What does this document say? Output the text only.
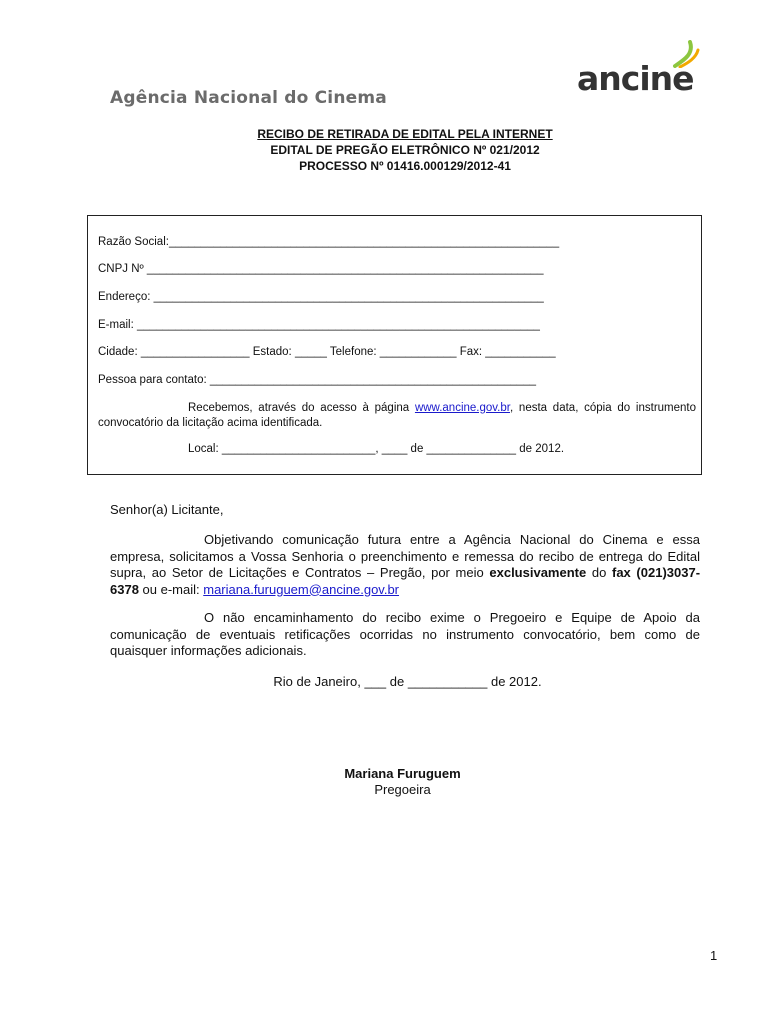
Agência Nacional do Cinema	ancine
RECIBO DE RETIRADA DE EDITAL PELA INTERNET
EDITAL DE PREGÃO ELETRÔNICO Nº 021/2012
PROCESSO Nº 01416.000129/2012-41
Razão Social:_____________________________________________________________
CNPJ Nº ______________________________________________________________
Endereço: _____________________________________________________________
E-mail: _______________________________________________________________
Cidade: _________________ Estado: _____ Telefone: ____________ Fax: ___________
Pessoa para contato: ___________________________________________________
Recebemos, através do acesso à página www.ancine.gov.br, nesta data, cópia do instrumento convocatório da licitação acima identificada.
Local: ________________________, ____ de ______________ de 2012.
Senhor(a) Licitante,
Objetivando comunicação futura entre a Agência Nacional do Cinema e essa empresa, solicitamos a Vossa Senhoria o preenchimento e remessa do recibo de entrega do Edital supra, ao Setor de Licitações e Contratos – Pregão, por meio exclusivamente do fax (021)3037-6378 ou e-mail: mariana.furuguem@ancine.gov.br
O não encaminhamento do recibo exime o Pregoeiro e Equipe de Apoio da comunicação de eventuais retificações ocorridas no instrumento convocatório, bem como de quaisquer informações adicionais.
Rio de Janeiro, ___ de ___________ de 2012.
Mariana Furuguem
Pregoeira
1
